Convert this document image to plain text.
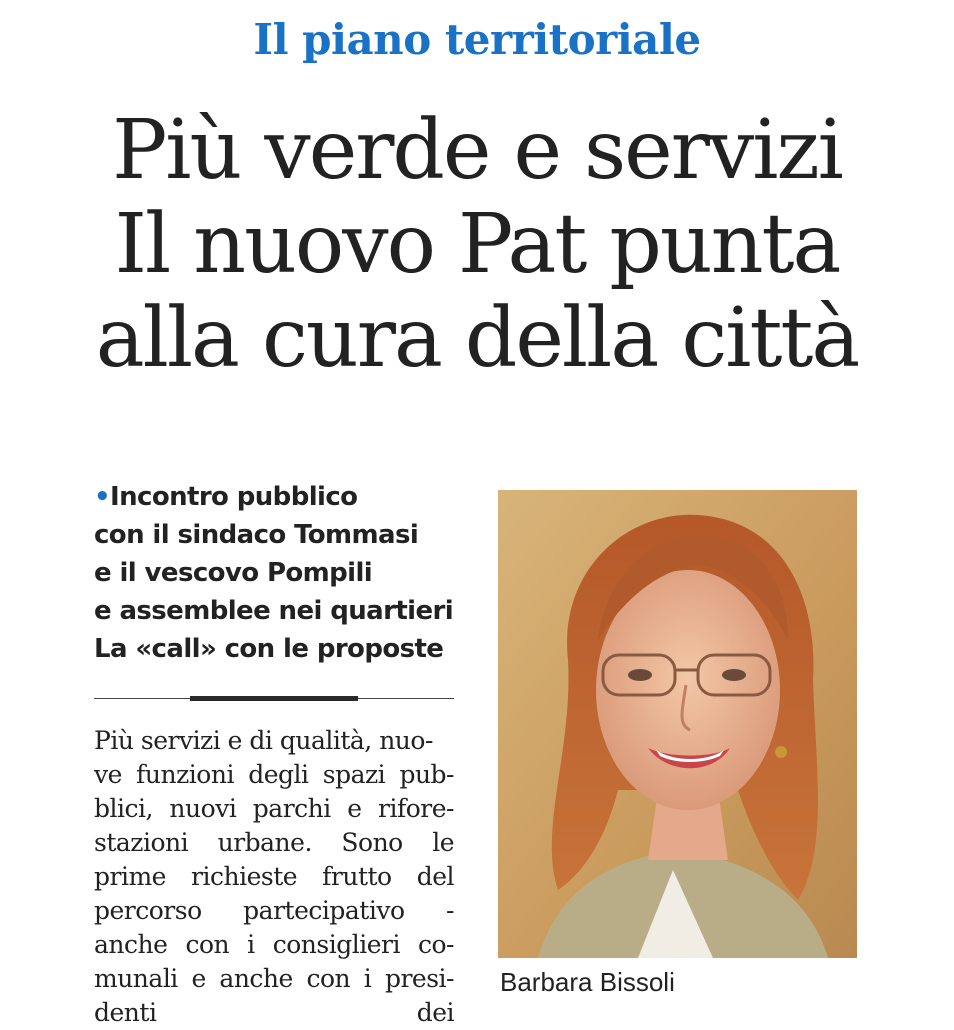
Il piano territoriale
Più verde e servizi
Il nuovo Pat punta
alla cura della città
•Incontro pubblico
con il sindaco Tommasi
e il vescovo Pompili
e assemblee nei quartieri
La «call» con le proposte
Più servizi e di qualità, nuo-
ve funzioni degli spazi pub-
blici, nuovi parchi e rifore-
stazioni urbane. Sono le
prime richieste frutto del
percorso partecipativo -
anche con i consiglieri co-
munali e anche con i presi-
denti dei
Barbara Bissoli
